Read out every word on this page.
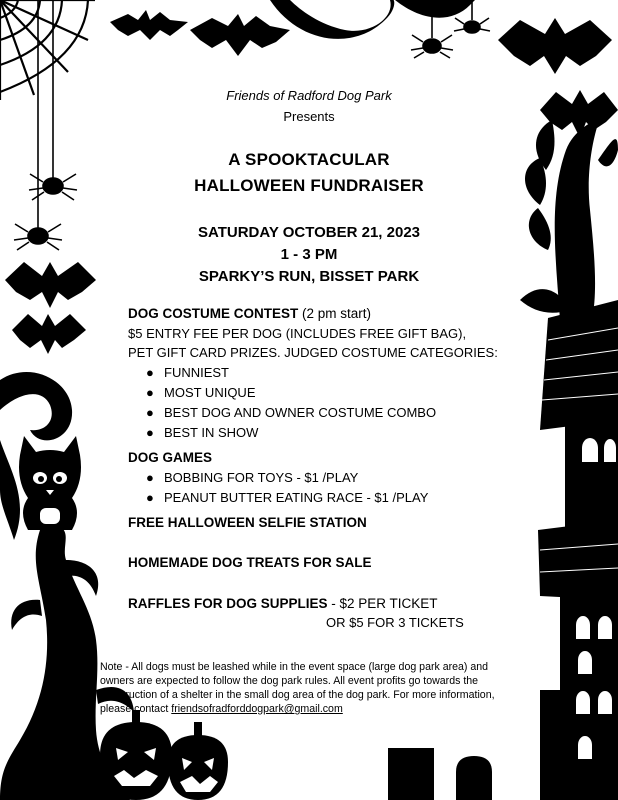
Friends of Radford Dog Park
Presents
A SPOOKTACULAR
HALLOWEEN FUNDRAISER
SATURDAY OCTOBER 21, 2023
1 - 3 PM
SPARKY’S RUN, BISSET PARK
DOG COSTUME CONTEST (2 pm start)
$5 ENTRY FEE PER DOG (INCLUDES FREE GIFT BAG),
PET GIFT CARD PRIZES. JUDGED COSTUME CATEGORIES:
● FUNNIEST
● MOST UNIQUE
● BEST DOG AND OWNER COSTUME COMBO
● BEST IN SHOW
DOG GAMES
● BOBBING FOR TOYS - $1 /PLAY
● PEANUT BUTTER EATING RACE - $1 /PLAY
FREE HALLOWEEN SELFIE STATION
HOMEMADE DOG TREATS FOR SALE
RAFFLES FOR DOG SUPPLIES - $2 PER TICKET
OR $5 FOR 3 TICKETS
Note - All dogs must be leashed while in the event space (large dog park area) and owners are expected to follow the dog park rules. All event profits go towards the construction of a shelter in the small dog area of the dog park. For more information, please contact friendsofradforddogpark@gmail.com
